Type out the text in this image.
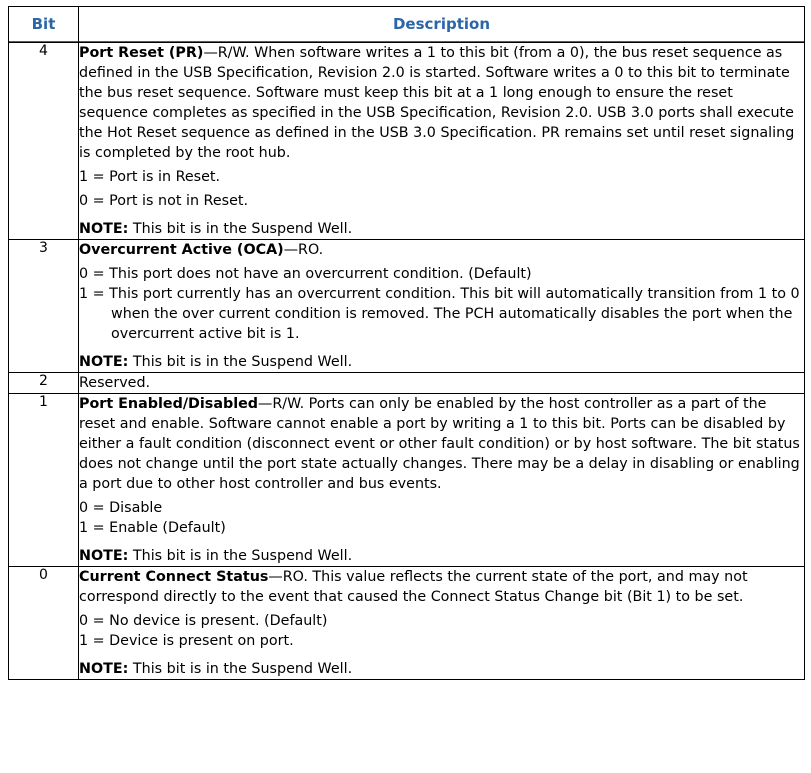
Bit	Description

4	Port Reset (PR)—R/W. When software writes a 1 to this bit (from a 0), the bus reset sequence as defined in the USB Specification, Revision 2.0 is started. Software writes a 0 to this bit to terminate the bus reset sequence. Software must keep this bit at a 1 long enough to ensure the reset sequence completes as specified in the USB Specification, Revision 2.0. USB 3.0 ports shall execute the Hot Reset sequence as defined in the USB 3.0 Specification. PR remains set until reset signaling is completed by the root hub.

1 = Port is in Reset.

0 = Port is not in Reset.

NOTE: This bit is in the Suspend Well.

3	Overcurrent Active (OCA)—RO.

0 = This port does not have an overcurrent condition. (Default)

1 = This port currently has an overcurrent condition. This bit will automatically transition from 1 to 0 when the over current condition is removed. The PCH automatically disables the port when the overcurrent active bit is 1.

NOTE: This bit is in the Suspend Well.

2	Reserved.

1	Port Enabled/Disabled—R/W. Ports can only be enabled by the host controller as a part of the reset and enable. Software cannot enable a port by writing a 1 to this bit. Ports can be disabled by either a fault condition (disconnect event or other fault condition) or by host software. The bit status does not change until the port state actually changes. There may be a delay in disabling or enabling a port due to other host controller and bus events.

0 = Disable

1 = Enable (Default)

NOTE: This bit is in the Suspend Well.

0	Current Connect Status—RO. This value reflects the current state of the port, and may not correspond directly to the event that caused the Connect Status Change bit (Bit 1) to be set.

0 = No device is present. (Default)

1 = Device is present on port.

NOTE: This bit is in the Suspend Well.
